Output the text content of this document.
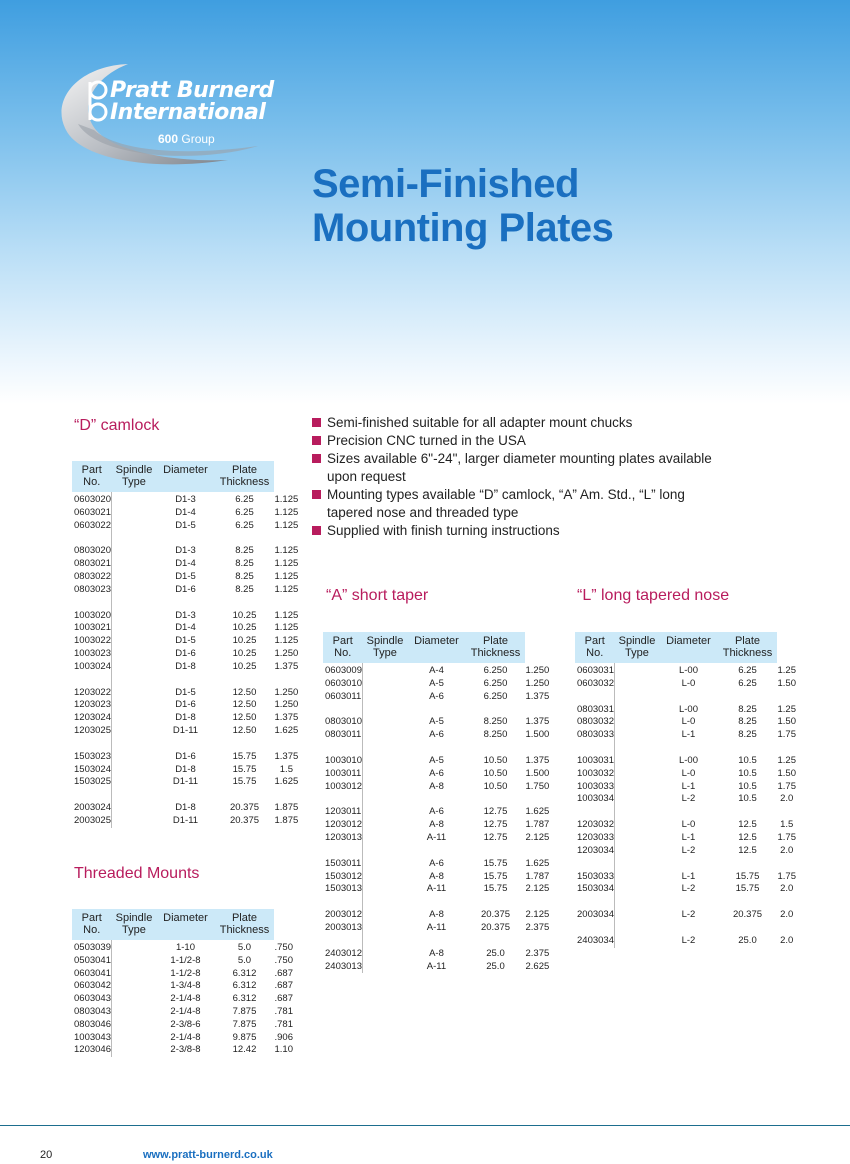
Pratt Burnerd
International
600 Group
Semi-Finished
Mounting Plates
Semi-finished suitable for all adapter mount chucks
Precision CNC turned in the USA
Sizes available 6"-24", larger diameter mounting plates available upon request
Mounting types available “D” camlock, “A” Am. Std., “L” long tapered nose and threaded type
Supplied with finish turning instructions
“D” camlock
Part
No.	Spindle
Type	Diameter	Plate
Thickness	
0603020		D1-3	6.25	1.125
0603021		D1-4	6.25	1.125
0603022		D1-5	6.25	1.125

0803020		D1-3	8.25	1.125
0803021		D1-4	8.25	1.125
0803022		D1-5	8.25	1.125
0803023		D1-6	8.25	1.125

1003020		D1-3	10.25	1.125
1003021		D1-4	10.25	1.125
1003022		D1-5	10.25	1.125
1003023		D1-6	10.25	1.250
1003024		D1-8	10.25	1.375

1203022		D1-5	12.50	1.250
1203023		D1-6	12.50	1.250
1203024		D1-8	12.50	1.375
1203025		D1-11	12.50	1.625

1503023		D1-6	15.75	1.375
1503024		D1-8	15.75	1.5
1503025		D1-11	15.75	1.625

2003024		D1-8	20.375	1.875
2003025		D1-11	20.375	1.875
Threaded Mounts
Part
No.	Spindle
Type	Diameter	Plate
Thickness	
0503039		1-10	5.0	.750
0503041		1-1/2-8	5.0	.750
0603041		1-1/2-8	6.312	.687
0603042		1-3/4-8	6.312	.687
0603043		2-1/4-8	6.312	.687
0803043		2-1/4-8	7.875	.781
0803046		2-3/8-6	7.875	.781
1003043		2-1/4-8	9.875	.906
1203046		2-3/8-8	12.42	1.10
“A” short taper
Part
No.	Spindle
Type	Diameter	Plate
Thickness	
0603009		A-4	6.250	1.250
0603010		A-5	6.250	1.250
0603011		A-6	6.250	1.375

0803010		A-5	8.250	1.375
0803011		A-6	8.250	1.500

1003010		A-5	10.50	1.375
1003011		A-6	10.50	1.500
1003012		A-8	10.50	1.750

1203011		A-6	12.75	1.625
1203012		A-8	12.75	1.787
1203013		A-11	12.75	2.125

1503011		A-6	15.75	1.625
1503012		A-8	15.75	1.787
1503013		A-11	15.75	2.125

2003012		A-8	20.375	2.125
2003013		A-11	20.375	2.375

2403012		A-8	25.0	2.375
2403013		A-11	25.0	2.625
“L” long tapered nose
Part
No.	Spindle
Type	Diameter	Plate
Thickness	
0603031		L-00	6.25	1.25
0603032		L-0	6.25	1.50

0803031		L-00	8.25	1.25
0803032		L-0	8.25	1.50
0803033		L-1	8.25	1.75

1003031		L-00	10.5	1.25
1003032		L-0	10.5	1.50
1003033		L-1	10.5	1.75
1003034		L-2	10.5	2.0

1203032		L-0	12.5	1.5
1203033		L-1	12.5	1.75
1203034		L-2	12.5	2.0

1503033		L-1	15.75	1.75
1503034		L-2	15.75	2.0

2003034		L-2	20.375	2.0

2403034		L-2	25.0	2.0
20	www.pratt-burnerd.co.uk
